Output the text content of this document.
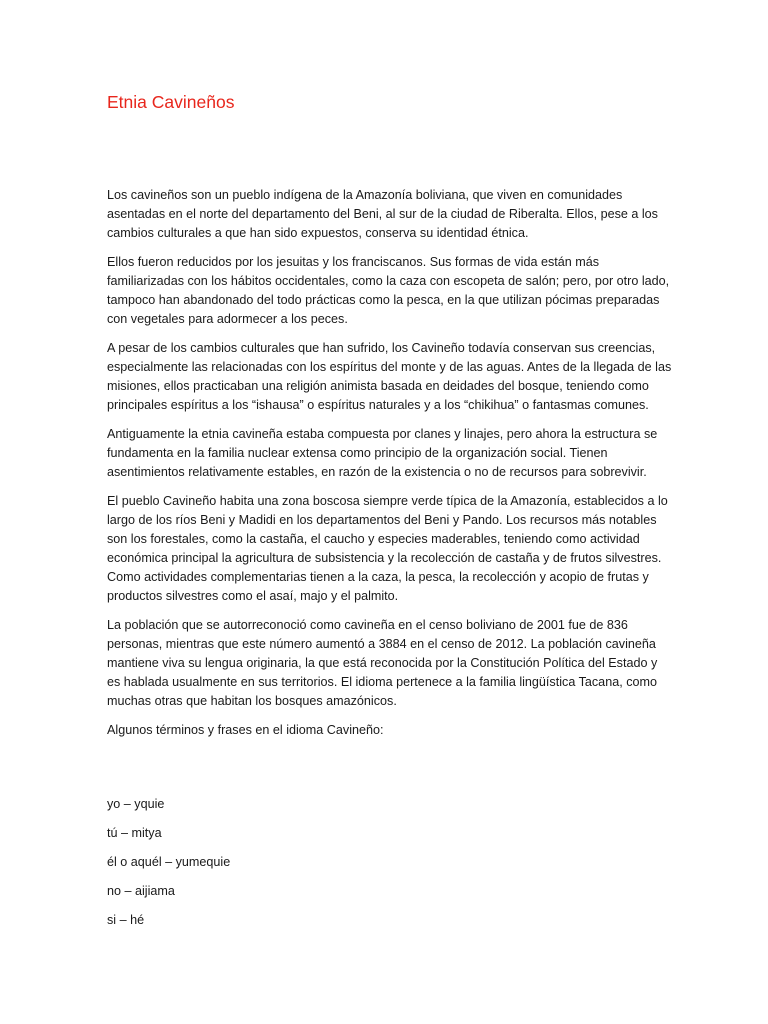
Etnia Cavineños

Los cavineños son un pueblo indígena de la Amazonía boliviana, que viven en comunidades asentadas en el norte del departamento del Beni, al sur de la ciudad de Riberalta. Ellos, pese a los cambios culturales a que han sido expuestos, conserva su identidad étnica.

Ellos fueron reducidos por los jesuitas y los franciscanos. Sus formas de vida están más familiarizadas con los hábitos occidentales, como la caza con escopeta de salón; pero, por otro lado, tampoco han abandonado del todo prácticas como la pesca, en la que utilizan pócimas preparadas con vegetales para adormecer a los peces.

A pesar de los cambios culturales que han sufrido, los Cavineño todavía conservan sus creencias, especialmente las relacionadas con los espíritus del monte y de las aguas. Antes de la llegada de las misiones, ellos practicaban una religión animista basada en deidades del bosque, teniendo como principales espíritus a los “ishausa” o espíritus naturales y a los “chikihua” o fantasmas comunes.

Antiguamente la etnia cavineña estaba compuesta por clanes y linajes, pero ahora la estructura se fundamenta en la familia nuclear extensa como principio de la organización social. Tienen asentimientos relativamente estables, en razón de la existencia o no de recursos para sobrevivir.

El pueblo Cavineño habita una zona boscosa siempre verde típica de la Amazonía, establecidos a lo largo de los ríos Beni y Madidi en los departamentos del Beni y Pando. Los recursos más notables son los forestales, como la castaña, el caucho y especies maderables, teniendo como actividad económica principal la agricultura de subsistencia y la recolección de castaña y de frutos silvestres. Como actividades complementarias tienen a la caza, la pesca, la recolección y acopio de frutas y productos silvestres como el asaí, majo y el palmito.

La población que se autorreconoció como cavineña en el censo boliviano de 2001 fue de 836 personas, mientras que este número aumentó a 3884 en el censo de 2012. La población cavineña mantiene viva su lengua originaria, la que está reconocida por la Constitución Política del Estado y es hablada usualmente en sus territorios. El idioma pertenece a la familia lingüística Tacana, como muchas otras que habitan los bosques amazónicos.

Algunos términos y frases en el idioma Cavineño:

yo – yquie
tú – mitya
él o aquél – yumequie
no – aijiama
si – hé
